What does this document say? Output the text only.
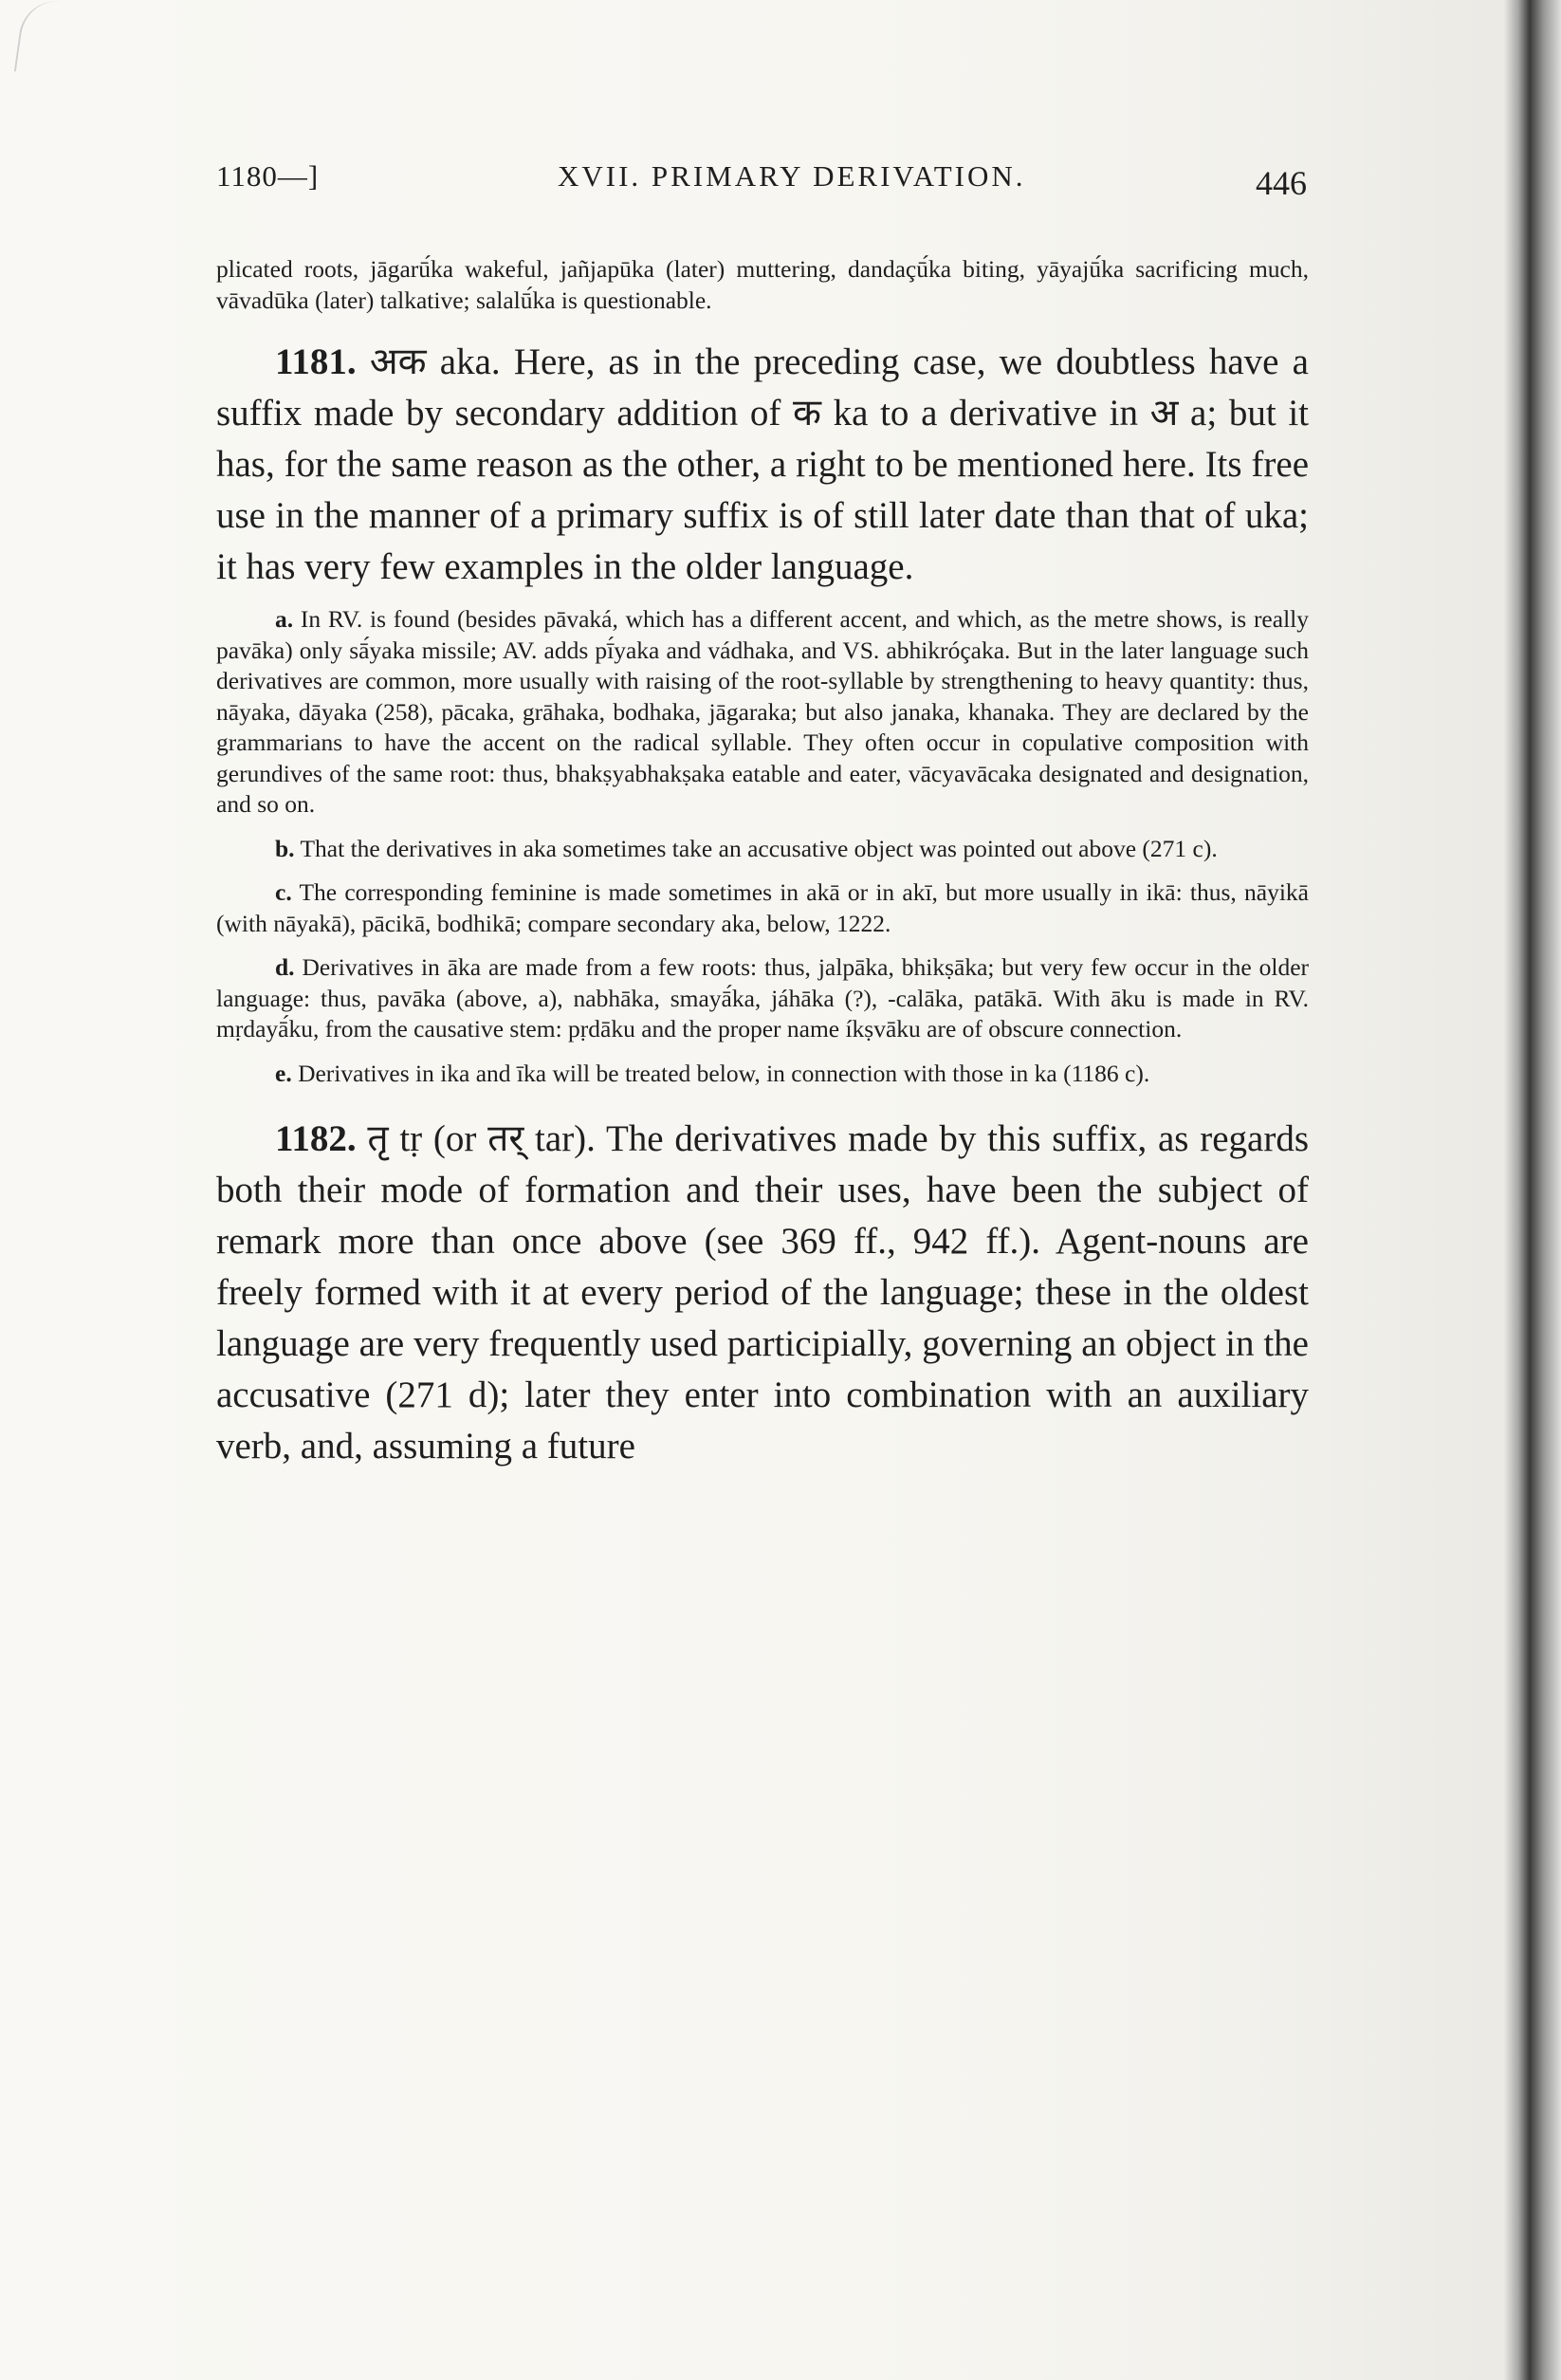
1180—]	XVII. PRIMARY DERIVATION.	446

plicated roots, jāgarū́ka wakeful, jañjapūka (later) muttering, dandaçū́ka biting, yāyajū́ka sacrificing much, vāvadūka (later) talkative; salalū́ka is questionable.

1181. अक aka. Here, as in the preceding case, we doubtless have a suffix made by secondary addition of क ka to a derivative in अ a; but it has, for the same reason as the other, a right to be mentioned here. Its free use in the manner of a primary suffix is of still later date than that of uka; it has very few examples in the older language.

a. In RV. is found (besides pāvaká, which has a different accent, and which, as the metre shows, is really pavāka) only sā́yaka missile; AV. adds pī́yaka and vádhaka, and VS. abhikróçaka. But in the later language such derivatives are common, more usually with raising of the root-syllable by strengthening to heavy quantity: thus, nāyaka, dāyaka (258), pācaka, grāhaka, bodhaka, jāgaraka; but also janaka, khanaka. They are declared by the grammarians to have the accent on the radical syllable. They often occur in copulative composition with gerundives of the same root: thus, bhakṣyabhakṣaka eatable and eater, vācyavācaka designated and designation, and so on.

b. That the derivatives in aka sometimes take an accusative object was pointed out above (271 c).

c. The corresponding feminine is made sometimes in akā or in akī, but more usually in ikā: thus, nāyikā (with nāyakā), pācikā, bodhikā; compare secondary aka, below, 1222.

d. Derivatives in āka are made from a few roots: thus, jalpāka, bhikṣāka; but very few occur in the older language: thus, pavāka (above, a), nabhāka, smayā́ka, jáhāka (?), -calāka, patākā. With āku is made in RV. mṛdayā́ku, from the causative stem: pṛdāku and the proper name íkṣvāku are of obscure connection.

e. Derivatives in ika and īka will be treated below, in connection with those in ka (1186 c).

1182. तृ tṛ (or तर् tar). The derivatives made by this suffix, as regards both their mode of formation and their uses, have been the subject of remark more than once above (see 369 ff., 942 ff.). Agent-nouns are freely formed with it at every period of the language; these in the oldest language are very frequently used participially, governing an object in the accusative (271 d); later they enter into combination with an auxiliary verb, and, assuming a future
